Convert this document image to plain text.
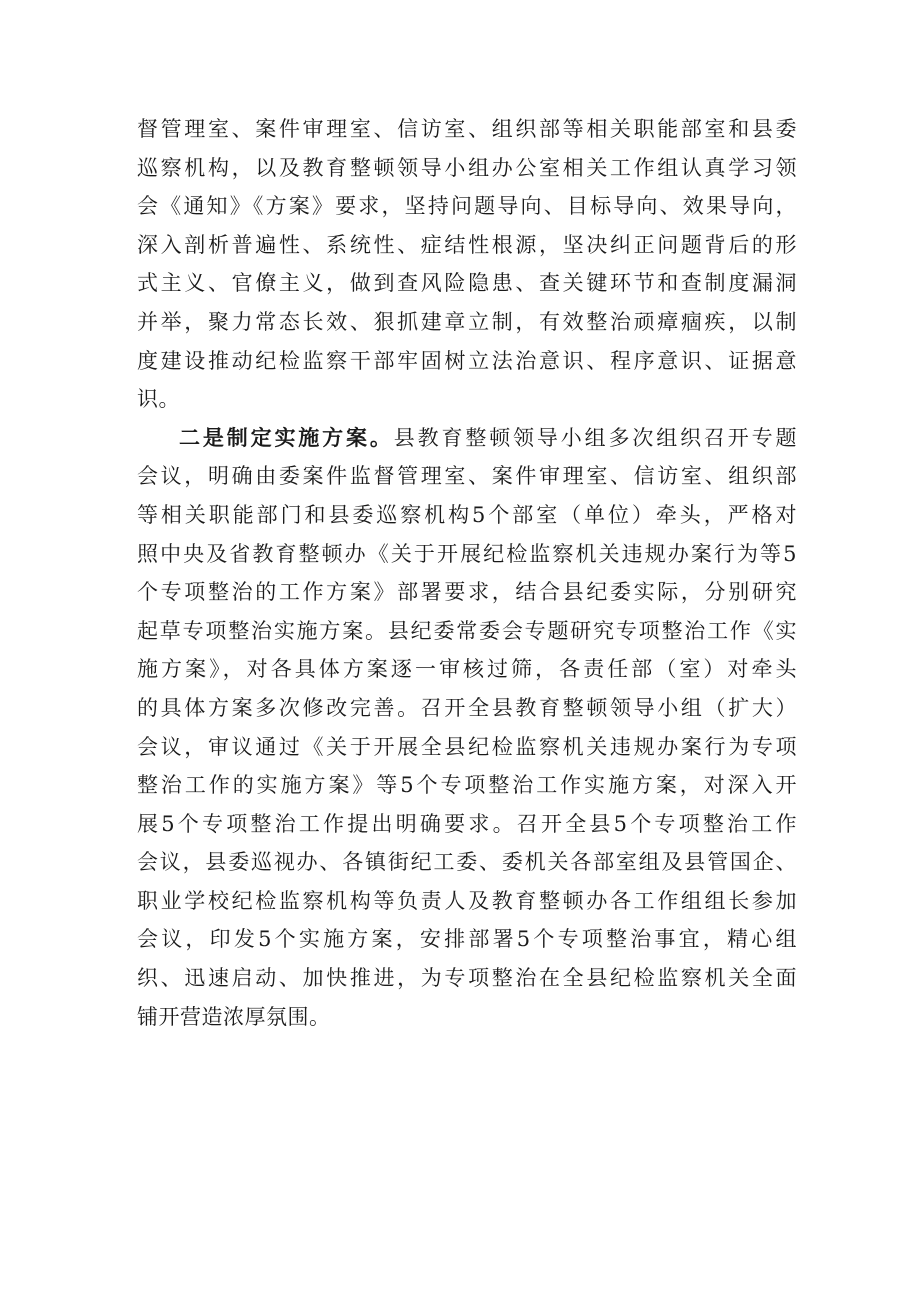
督管理室、案件审理室、信访室、组织部等相关职能部室和县委
巡察机构，以及教育整顿领导小组办公室相关工作组认真学习领
会《通知》《方案》要求，坚持问题导向、目标导向、效果导向，
深入剖析普遍性、系统性、症结性根源，坚决纠正问题背后的形
式主义、官僚主义，做到查风险隐患、查关键环节和查制度漏洞
并举，聚力常态长效、狠抓建章立制，有效整治顽瘴痼疾，以制
度建设推动纪检监察干部牢固树立法治意识、程序意识、证据意
识。
二是制定实施方案。县教育整顿领导小组多次组织召开专题
会议，明确由委案件监督管理室、案件审理室、信访室、组织部
等相关职能部门和县委巡察机构5个部室（单位）牵头，严格对
照中央及省教育整顿办《关于开展纪检监察机关违规办案行为等5
个专项整治的工作方案》部署要求，结合县纪委实际，分别研究
起草专项整治实施方案。县纪委常委会专题研究专项整治工作《实
施方案》，对各具体方案逐一审核过筛，各责任部（室）对牵头
的具体方案多次修改完善。召开全县教育整顿领导小组（扩大）
会议，审议通过《关于开展全县纪检监察机关违规办案行为专项
整治工作的实施方案》等5个专项整治工作实施方案，对深入开
展5个专项整治工作提出明确要求。召开全县5个专项整治工作
会议，县委巡视办、各镇街纪工委、委机关各部室组及县管国企、
职业学校纪检监察机构等负责人及教育整顿办各工作组组长参加
会议，印发5个实施方案，安排部署5个专项整治事宜，精心组
织、迅速启动、加快推进，为专项整治在全县纪检监察机关全面
铺开营造浓厚氛围。
